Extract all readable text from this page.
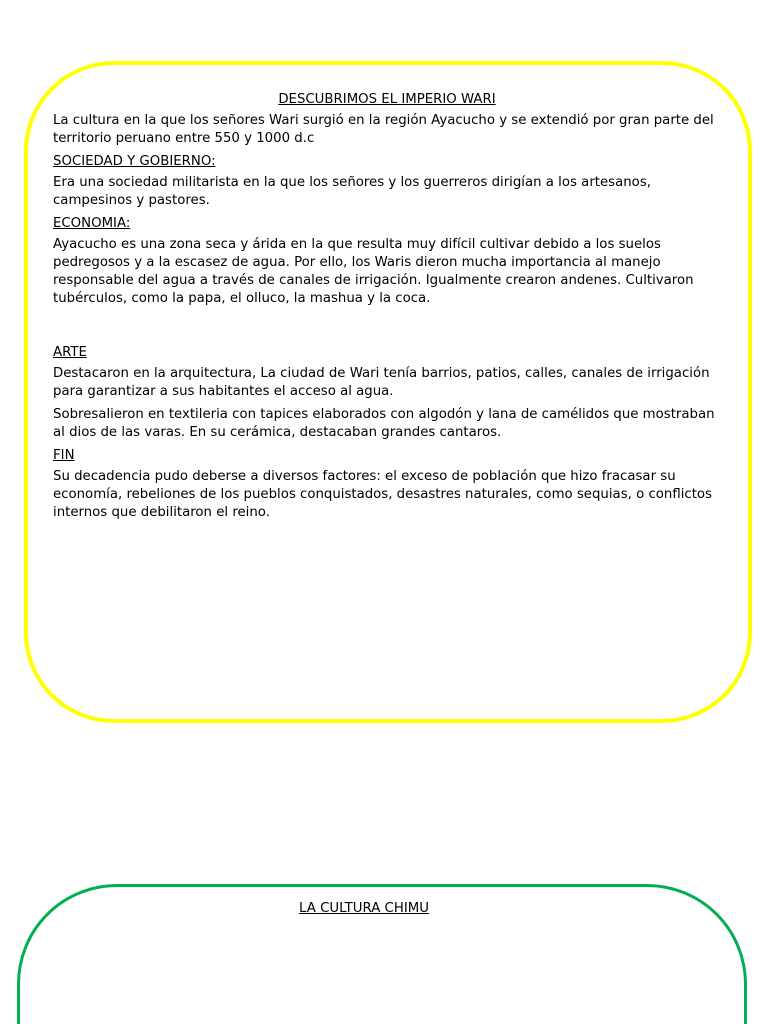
DESCUBRIMOS EL IMPERIO WARI

La cultura en la que los señores Wari surgió en la región Ayacucho y se extendió por gran parte del territorio peruano entre 550 y 1000 d.c

SOCIEDAD Y GOBIERNO:

Era una sociedad militarista en la que los señores y los guerreros dirigían a los artesanos, campesinos y pastores.

ECONOMIA:

Ayacucho es una zona seca y árida en la que resulta muy difícil cultivar debido a los suelos pedregosos y a la escasez de agua. Por ello, los Waris dieron mucha importancia al manejo responsable del agua a través de canales de irrigación. Igualmente crearon andenes. Cultivaron tubérculos, como la papa, el olluco, la mashua y la coca.

ARTE

Destacaron en la arquitectura, La ciudad de Wari tenía barrios, patios, calles, canales de irrigación para garantizar a sus habitantes el acceso al agua.

Sobresalieron en textileria con tapices elaborados con algodón y lana de camélidos que mostraban al dios de las varas. En su cerámica, destacaban grandes cantaros.

FIN

Su decadencia pudo deberse a diversos factores: el exceso de población que hizo fracasar su economía, rebeliones de los pueblos conquistados, desastres naturales, como sequias, o conflictos internos que debilitaron el reino.

LA CULTURA CHIMU
